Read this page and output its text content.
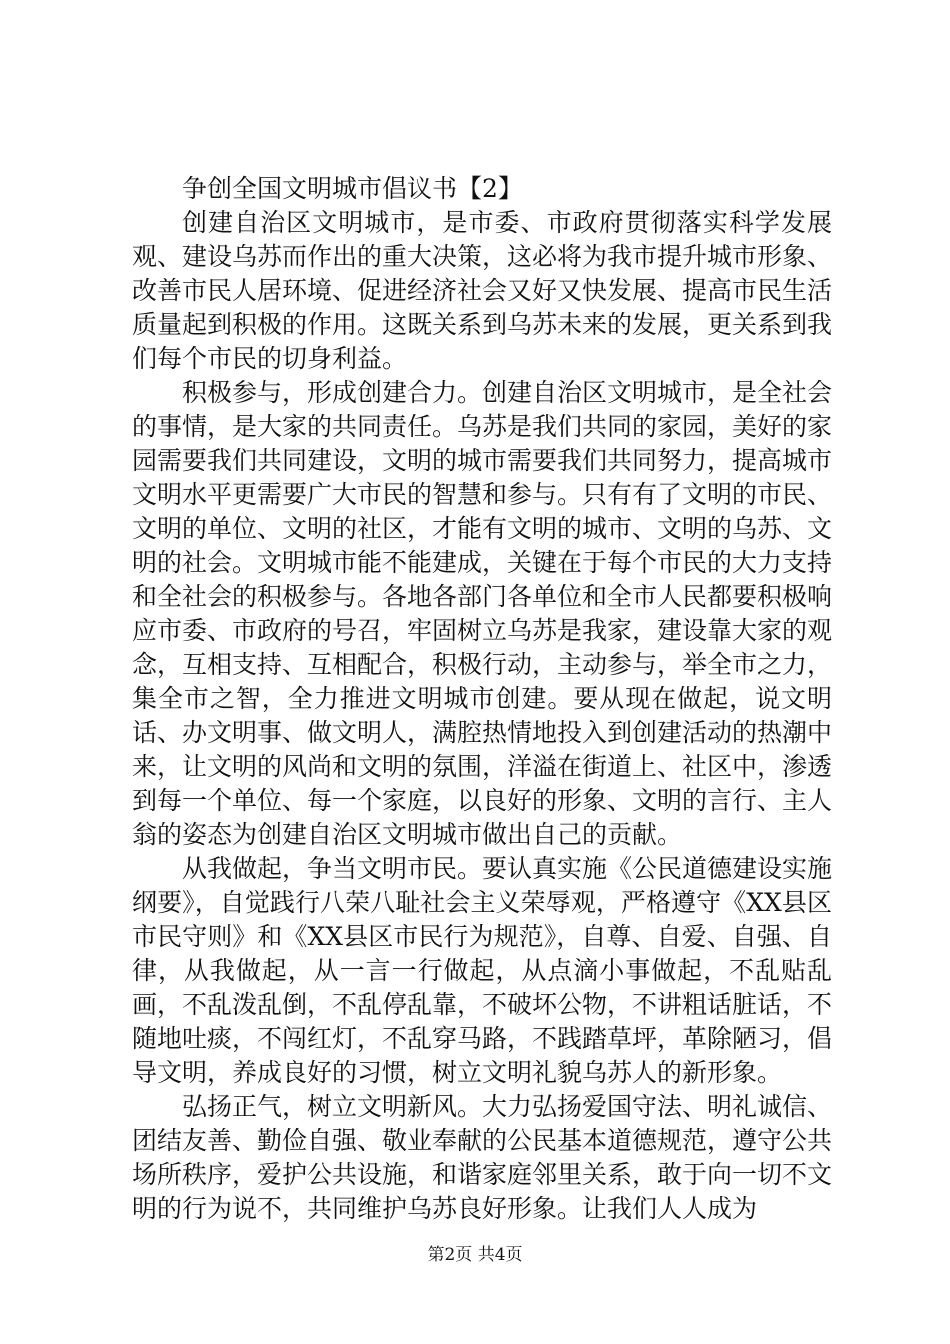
争创全国文明城市倡议书【2】

创建自治区文明城市，是市委、市政府贯彻落实科学发展观、建设乌苏而作出的重大决策，这必将为我市提升城市形象、改善市民人居环境、促进经济社会又好又快发展、提高市民生活质量起到积极的作用。这既关系到乌苏未来的发展，更关系到我们每个市民的切身利益。

积极参与，形成创建合力。创建自治区文明城市，是全社会的事情，是大家的共同责任。乌苏是我们共同的家园，美好的家园需要我们共同建设，文明的城市需要我们共同努力，提高城市文明水平更需要广大市民的智慧和参与。只有有了文明的市民、文明的单位、文明的社区，才能有文明的城市、文明的乌苏、文明的社会。文明城市能不能建成，关键在于每个市民的大力支持和全社会的积极参与。各地各部门各单位和全市人民都要积极响应市委、市政府的号召，牢固树立乌苏是我家，建设靠大家的观念，互相支持、互相配合，积极行动，主动参与，举全市之力，集全市之智，全力推进文明城市创建。要从现在做起，说文明话、办文明事、做文明人，满腔热情地投入到创建活动的热潮中来，让文明的风尚和文明的氛围，洋溢在街道上、社区中，渗透到每一个单位、每一个家庭，以良好的形象、文明的言行、主人翁的姿态为创建自治区文明城市做出自己的贡献。

从我做起，争当文明市民。要认真实施《公民道德建设实施纲要》，自觉践行八荣八耻社会主义荣辱观，严格遵守《XX县区市民守则》和《XX县区市民行为规范》，自尊、自爱、自强、自律，从我做起，从一言一行做起，从点滴小事做起，不乱贴乱画，不乱泼乱倒，不乱停乱靠，不破坏公物，不讲粗话脏话，不随地吐痰，不闯红灯，不乱穿马路，不践踏草坪，革除陋习，倡导文明，养成良好的习惯，树立文明礼貌乌苏人的新形象。

弘扬正气，树立文明新风。大力弘扬爱国守法、明礼诚信、团结友善、勤俭自强、敬业奉献的公民基本道德规范，遵守公共场所秩序，爱护公共设施，和谐家庭邻里关系，敢于向一切不文明的行为说不，共同维护乌苏良好形象。让我们人人成为

第2页 共4页
